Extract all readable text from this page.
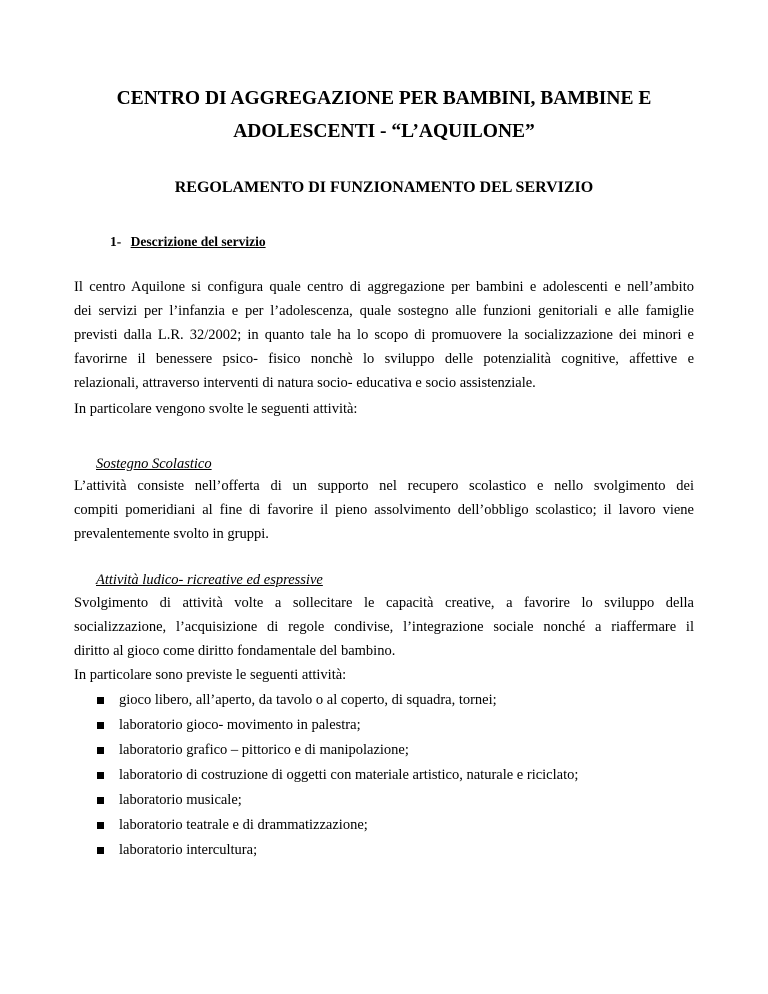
CENTRO DI AGGREGAZIONE PER BAMBINI, BAMBINE E
ADOLESCENTI - “L’AQUILONE”
REGOLAMENTO DI FUNZIONAMENTO DEL SERVIZIO
1- Descrizione del servizio

Il centro Aquilone si configura quale centro di aggregazione per bambini e adolescenti e nell’ambito
dei servizi per l’infanzia e per l’adolescenza, quale sostegno alle funzioni genitoriali e alle famiglie
previsti dalla L.R. 32/2002; in quanto tale ha lo scopo di promuovere la socializzazione dei minori e
favorirne il benessere psico- fisico nonchè lo sviluppo delle potenzialità cognitive, affettive e
relazionali, attraverso interventi di natura socio- educativa e socio assistenziale.

In particolare vengono svolte le seguenti attività:

Sostegno Scolastico

L’attività consiste nell’offerta di un supporto nel recupero scolastico e nello svolgimento dei
compiti pomeridiani al fine di favorire il pieno assolvimento dell’obbligo scolastico; il lavoro viene
prevalentemente svolto in gruppi.

Attività ludico- ricreative ed espressive

Svolgimento di attività volte a sollecitare le capacità creative, a favorire lo sviluppo della
socializzazione, l’acquisizione di regole condivise, l’integrazione sociale nonché a riaffermare il
diritto al gioco come diritto fondamentale del bambino.

In particolare sono previste le seguenti attività:

gioco libero, all’aperto, da tavolo o al coperto, di squadra, tornei;
laboratorio gioco- movimento in palestra;
laboratorio grafico – pittorico e di manipolazione;
laboratorio di costruzione di oggetti con materiale artistico, naturale e riciclato;
laboratorio musicale;
laboratorio teatrale e di drammatizzazione;
laboratorio intercultura;
